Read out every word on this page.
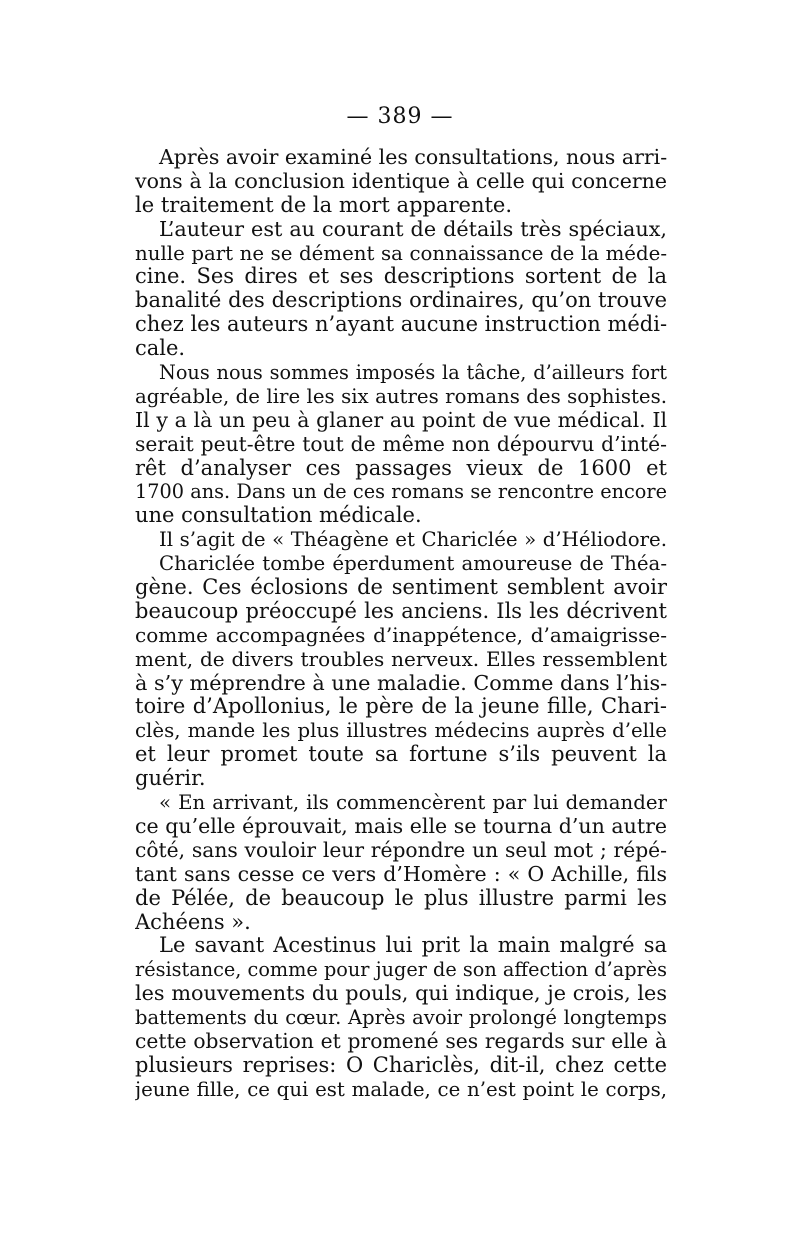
— 389 —
Après avoir examiné les consultations, nous arri-
vons à la conclusion identique à celle qui concerne
le traitement de la mort apparente.
L’auteur est au courant de détails très spéciaux,
nulle part ne se dément sa connaissance de la méde-
cine. Ses dires et ses descriptions sortent de la
banalité des descriptions ordinaires, qu’on trouve
chez les auteurs n’ayant aucune instruction médi-
cale.
Nous nous sommes imposés la tâche, d’ailleurs fort
agréable, de lire les six autres romans des sophistes.
Il y a là un peu à glaner au point de vue médical. Il
serait peut-être tout de même non dépourvu d’inté-
rêt d’analyser ces passages vieux de 1600 et
1700 ans. Dans un de ces romans se rencontre encore
une consultation médicale.
Il s’agit de « Théagène et Chariclée » d’Héliodore.
Chariclée tombe éperdument amoureuse de Théa-
gène. Ces éclosions de sentiment semblent avoir
beaucoup préoccupé les anciens. Ils les décrivent
comme accompagnées d’inappétence, d’amaigrisse-
ment, de divers troubles nerveux. Elles ressemblent
à s’y méprendre à une maladie. Comme dans l’his-
toire d’Apollonius, le père de la jeune fille, Chari-
clès, mande les plus illustres médecins auprès d’elle
et leur promet toute sa fortune s’ils peuvent la
guérir.
« En arrivant, ils commencèrent par lui demander
ce qu’elle éprouvait, mais elle se tourna d’un autre
côté, sans vouloir leur répondre un seul mot ; répé-
tant sans cesse ce vers d’Homère : « O Achille, fils
de Pélée, de beaucoup le plus illustre parmi les
Achéens ».
Le savant Acestinus lui prit la main malgré sa
résistance, comme pour juger de son affection d’après
les mouvements du pouls, qui indique, je crois, les
battements du cœur. Après avoir prolongé longtemps
cette observation et promené ses regards sur elle à
plusieurs reprises: O Chariclès, dit-il, chez cette
jeune fille, ce qui est malade, ce n’est point le corps,
